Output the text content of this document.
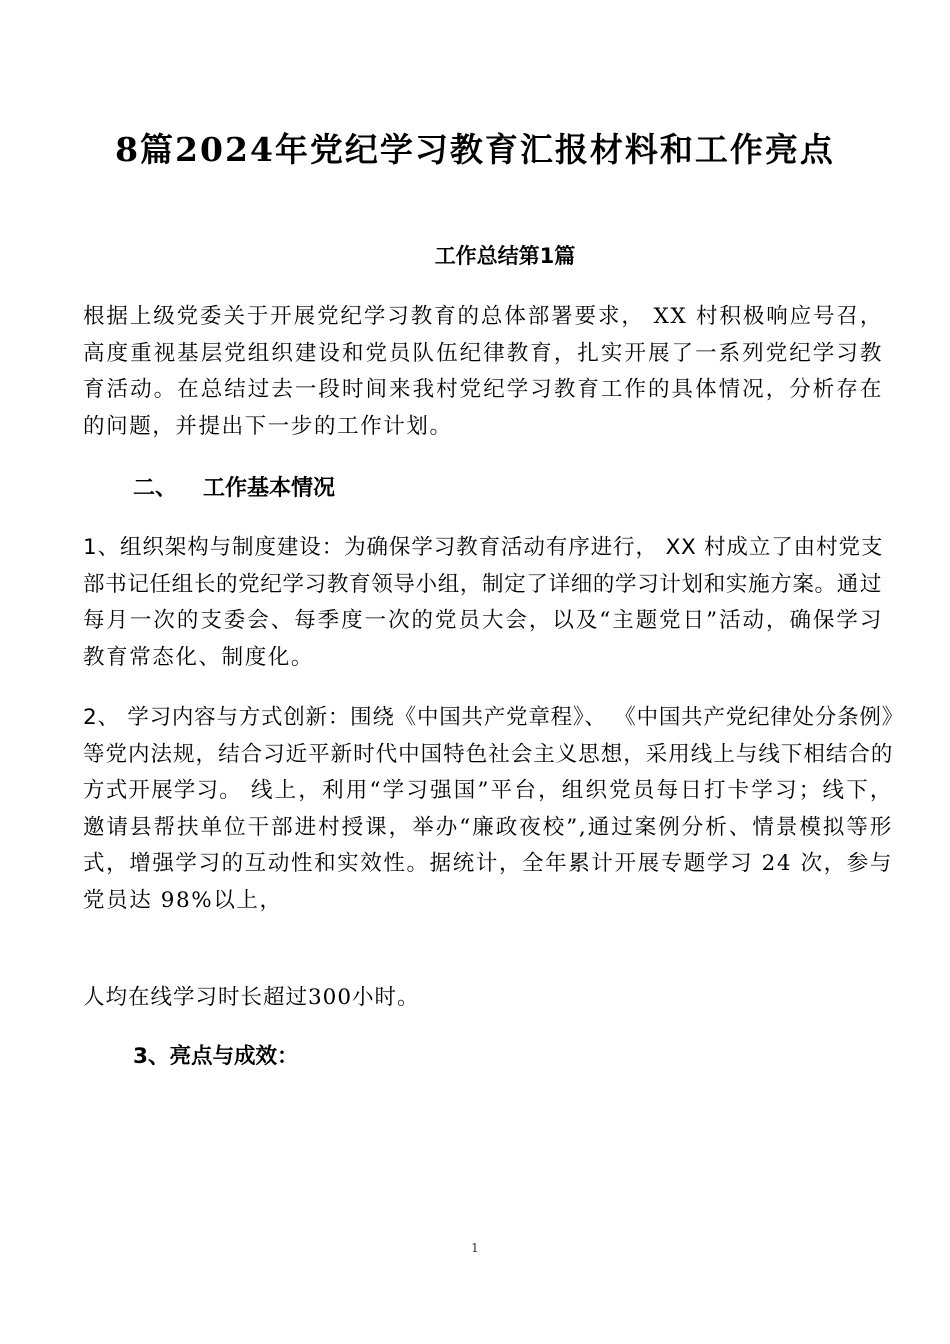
8篇2024年党纪学习教育汇报材料和工作亮点
工作总结第1篇

根据上级党委关于开展党纪学习教育的总体部署要求， XX 村积极响应号召，高度重视基层党组织建设和党员队伍纪律教育，扎实开展了一系列党纪学习教育活动。在总结过去一段时间来我村党纪学习教育工作的具体情况，分析存在的问题，并提出下一步的工作计划。

二、 工作基本情况

1、组织架构与制度建设：为确保学习教育活动有序进行， XX 村成立了由村党支部书记任组长的党纪学习教育领导小组，制定了详细的学习计划和实施方案。通过每月一次的支委会、每季度一次的党员大会，以及“主题党日”活动，确保学习教育常态化、制度化。

2、 学习内容与方式创新：围绕《中国共产党章程》、 《中国共产党纪律处分条例》等党内法规，结合习近平新时代中国特色社会主义思想，采用线上与线下相结合的方式开展学习。 线上，利用“学习强国”平台，组织党员每日打卡学习；线下，邀请县帮扶单位干部进村授课，举办“廉政夜校”,通过案例分析、情景模拟等形式，增强学习的互动性和实效性。据统计，全年累计开展专题学习 24 次，参与党员达 98%以上，

人均在线学习时长超过300小时。

3、亮点与成效：
1
